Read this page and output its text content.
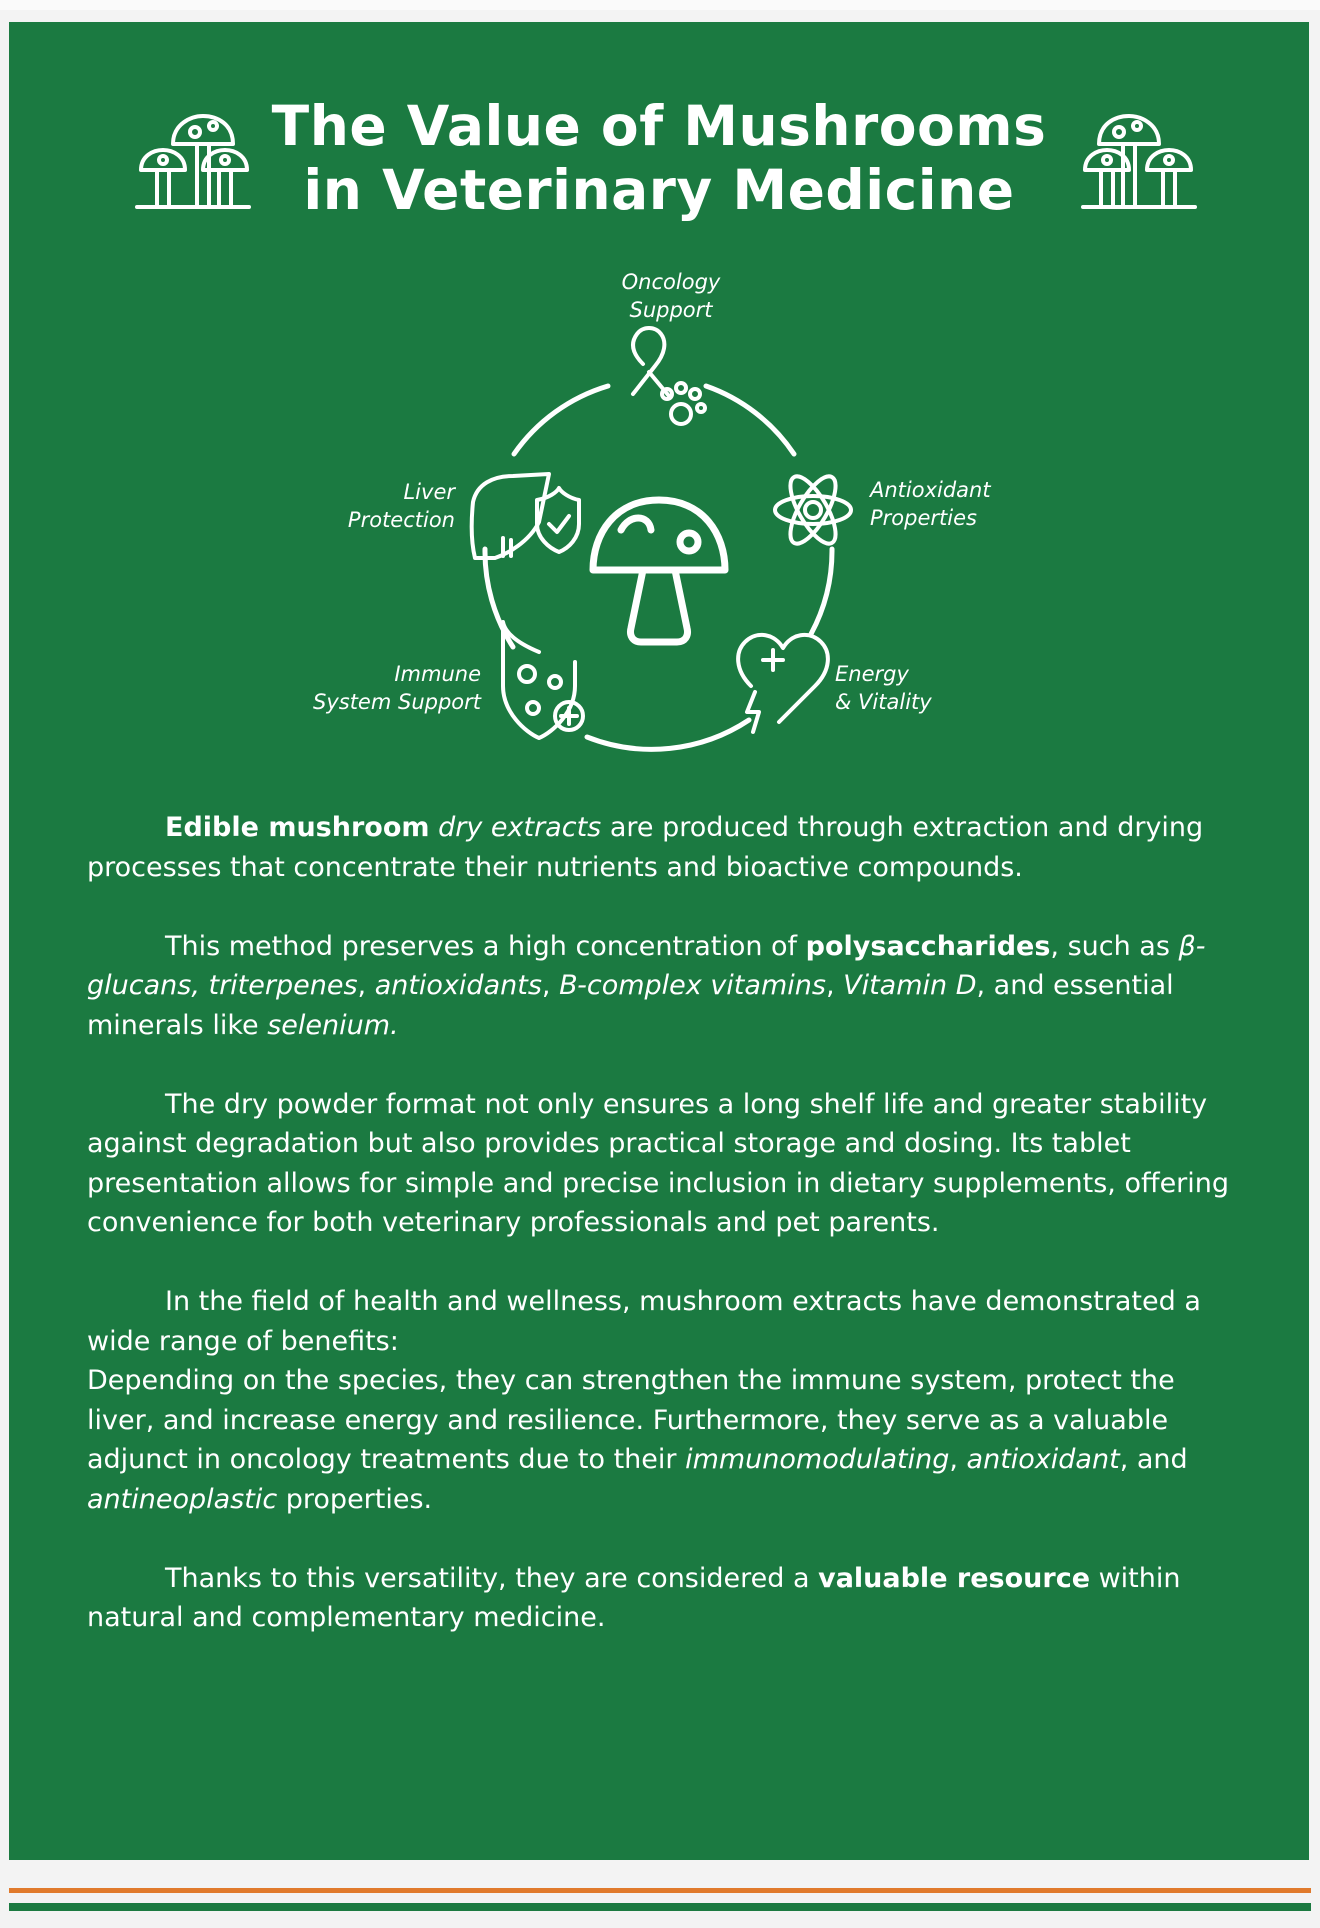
The Value of Mushrooms
in Veterinary Medicine
Oncology
Support
Antioxidant
Properties
Energy
& Vitality
Immune
System Support
Liver
Protection

Edible mushroom dry extracts are produced through extraction and drying processes that concentrate their nutrients and bioactive compounds.

This method preserves a high concentration of polysaccharides, such as β-glucans, triterpenes, antioxidants, B-complex vitamins, Vitamin D, and essential minerals like selenium.

The dry powder format not only ensures a long shelf life and greater stability against degradation but also provides practical storage and dosing. Its tablet presentation allows for simple and precise inclusion in dietary supplements, offering convenience for both veterinary professionals and pet parents.

In the field of health and wellness, mushroom extracts have demonstrated a wide range of benefits:

Depending on the species, they can strengthen the immune system, protect the liver, and increase energy and resilience. Furthermore, they serve as a valuable adjunct in oncology treatments due to their immunomodulating, antioxidant, and antineoplastic properties.

Thanks to this versatility, they are considered a valuable resource within natural and complementary medicine.
